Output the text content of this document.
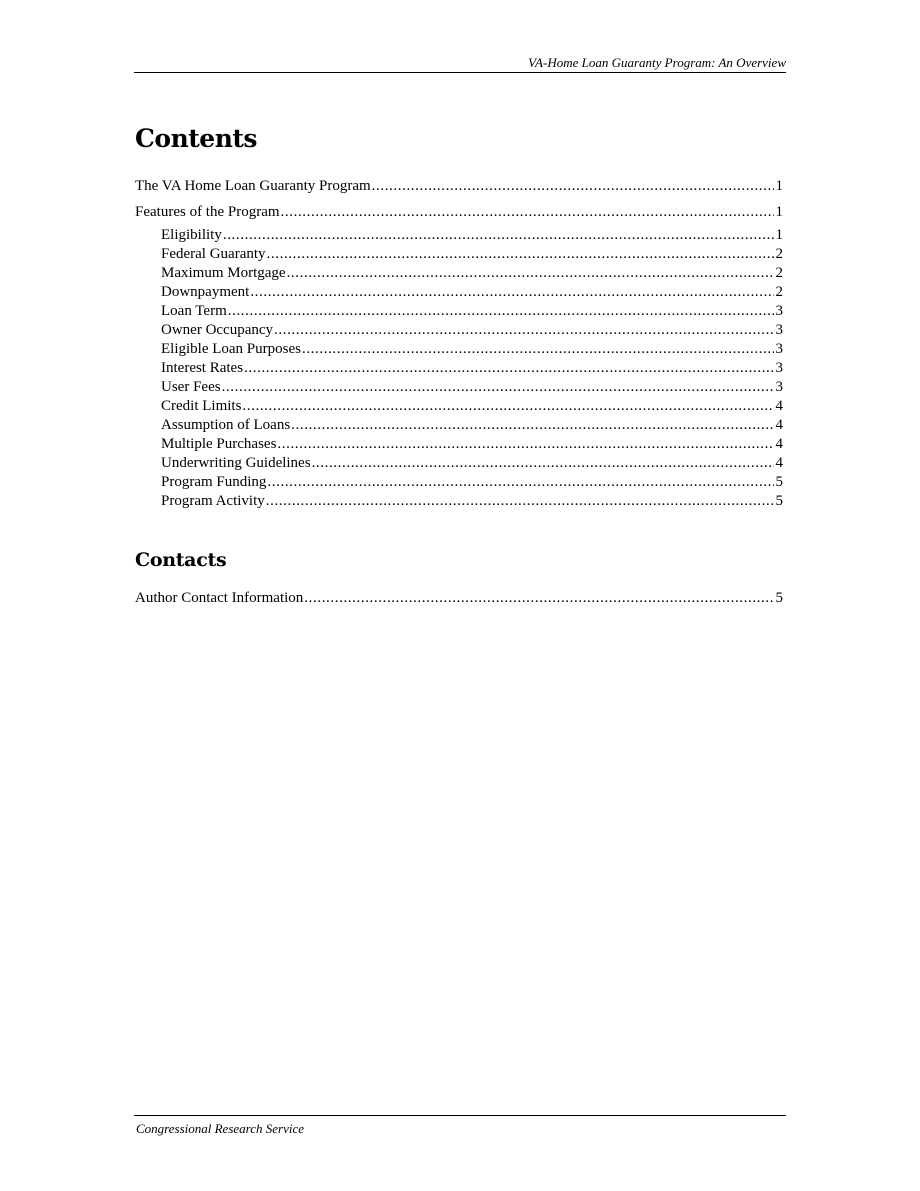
VA-Home Loan Guaranty Program: An Overview
Contents
The VA Home Loan Guaranty Program .....	1
Features of the Program .....	1
Eligibility .....	1
Federal Guaranty .....	2
Maximum Mortgage .....	2
Downpayment .....	2
Loan Term .....	3
Owner Occupancy .....	3
Eligible Loan Purposes .....	3
Interest Rates .....	3
User Fees .....	3
Credit Limits .....	4
Assumption of Loans .....	4
Multiple Purchases .....	4
Underwriting Guidelines .....	4
Program Funding .....	5
Program Activity .....	5
Contacts
Author Contact Information .....	5
Congressional Research Service
